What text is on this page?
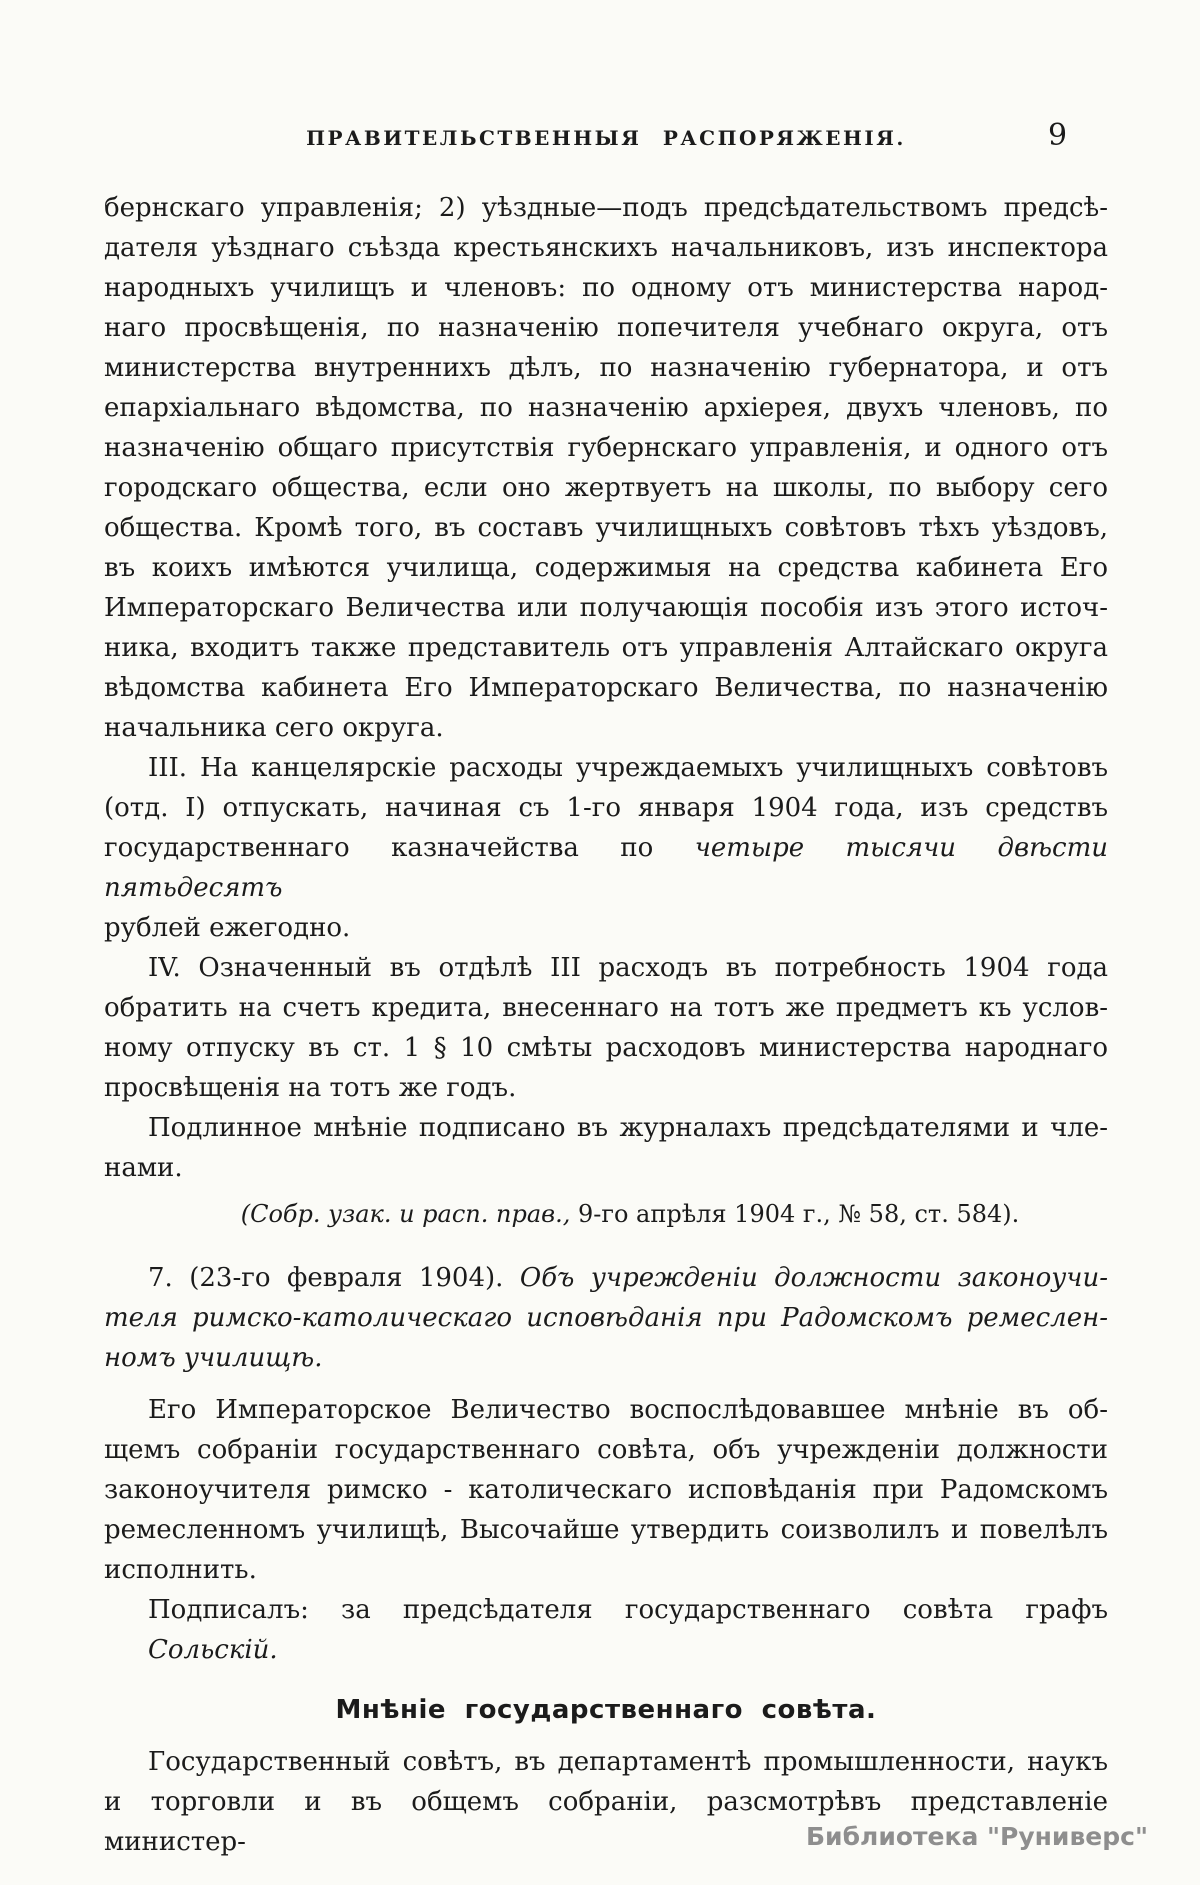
ПРАВИТЕЛЬСТВЕННЫЯ РАСПОРЯЖЕНІЯ.	9
бернскаго управленія; 2) уѣздные—подъ предсѣдательствомъ предсѣ-
дателя уѣзднаго съѣзда крестьянскихъ начальниковъ, изъ инспектора
народныхъ училищъ и членовъ: по одному отъ министерства народ-
наго просвѣщенія, по назначенію попечителя учебнаго округа, отъ
министерства внутреннихъ дѣлъ, по назначенію губернатора, и отъ
епархіальнаго вѣдомства, по назначенію архіерея, двухъ членовъ, по
назначенію общаго присутствія губернскаго управленія, и одного отъ
городскаго общества, если оно жертвуетъ на школы, по выбору сего
общества. Кромѣ того, въ составъ училищныхъ совѣтовъ тѣхъ уѣздовъ,
въ коихъ имѣются училища, содержимыя на средства кабинета Его
Императорскаго Величества или получающія пособія изъ этого источ-
ника, входитъ также представитель отъ управленія Алтайскаго округа
вѣдомства кабинета Его Императорскаго Величества, по назначенію
начальника сего округа.
III. На канцелярскіе расходы учреждаемыхъ училищныхъ совѣтовъ
(отд. I) отпускать, начиная съ 1-го января 1904 года, изъ средствъ
государственнаго казначейства по четыре тысячи двѣсти пятьдесятъ
рублей ежегодно.
IV. Означенный въ отдѣлѣ III расходъ въ потребность 1904 года
обратить на счетъ кредита, внесеннаго на тотъ же предметъ къ услов-
ному отпуску въ ст. 1 § 10 смѣты расходовъ министерства народнаго
просвѣщенія на тотъ же годъ.
Подлинное мнѣніе подписано въ журналахъ предсѣдателями и чле-
нами.
(Собр. узак. и расп. прав., 9-го апрѣля 1904 г., № 58, ст. 584).
7. (23-го февраля 1904). Объ учрежденіи должности законоучи-
теля римско-католическаго исповѣданія при Радомскомъ ремеслен-
номъ училищѣ.
Его Императорское Величество воспослѣдовавшее мнѣніе въ об-
щемъ собраніи государственнаго совѣта, объ учрежденіи должности
законоучителя римско - католическаго исповѣданія при Радомскомъ
ремесленномъ училищѣ, Высочайше утвердить соизволилъ и повелѣлъ
исполнить.
Подписалъ: за предсѣдателя государственнаго совѣта графъ Сольскій.
Мнѣніе государственнаго совѣта.
Государственный совѣтъ, въ департаментѣ промышленности, наукъ
и торговли и въ общемъ собраніи, разсмотрѣвъ представленіе министер-	Библиотека "Руниверс"
